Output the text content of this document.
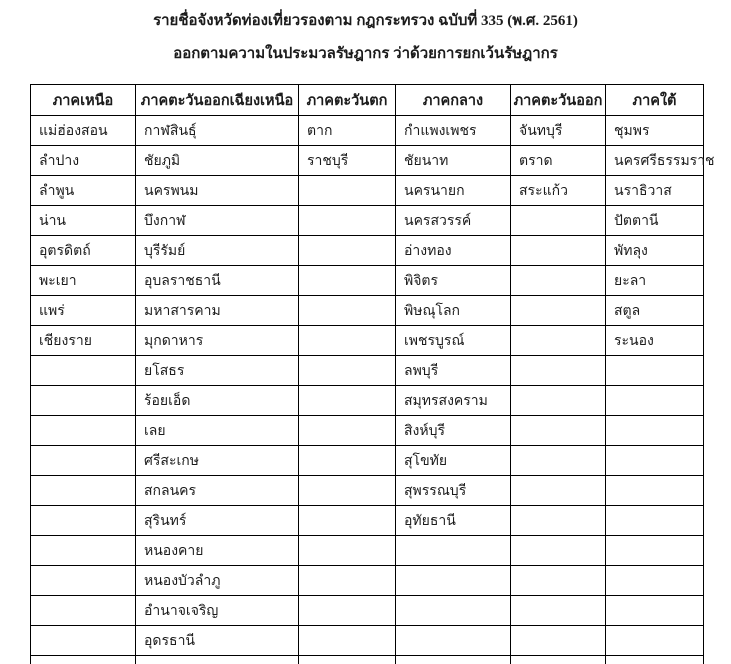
รายชื่อจังหวัดท่องเที่ยวรองตาม กฎกระทรวง ฉบับที่ 335 (พ.ศ. 2561)
ออกตามความในประมวลรัษฎากร ว่าด้วยการยกเว้นรัษฎากร
ภาคเหนือ	ภาคตะวันออกเฉียงเหนือ	ภาคตะวันตก	ภาคกลาง	ภาคตะวันออก	ภาคใต้
แม่ฮ่องสอน	กาฬสินธุ์	ตาก	กำแพงเพชร	จันทบุรี	ชุมพร
ลำปาง	ชัยภูมิ	ราชบุรี	ชัยนาท	ตราด	นครศรีธรรมราช
ลำพูน	นครพนม		นครนายก	สระแก้ว	นราธิวาส
น่าน	บึงกาฬ		นครสวรรค์		ปัตตานี
อุตรดิตถ์	บุรีรัมย์		อ่างทอง		พัทลุง
พะเยา	อุบลราชธานี		พิจิตร		ยะลา
แพร่	มหาสารคาม		พิษณุโลก		สตูล
เชียงราย	มุกดาหาร		เพชรบูรณ์		ระนอง
	ยโสธร		ลพบุรี		
	ร้อยเอ็ด		สมุทรสงคราม		
	เลย		สิงห์บุรี		
	ศรีสะเกษ		สุโขทัย		
	สกลนคร		สุพรรณบุรี		
	สุรินทร์		อุทัยธานี		
	หนองคาย				
	หนองบัวลำภู				
	อำนาจเจริญ				
	อุดรธานี				
